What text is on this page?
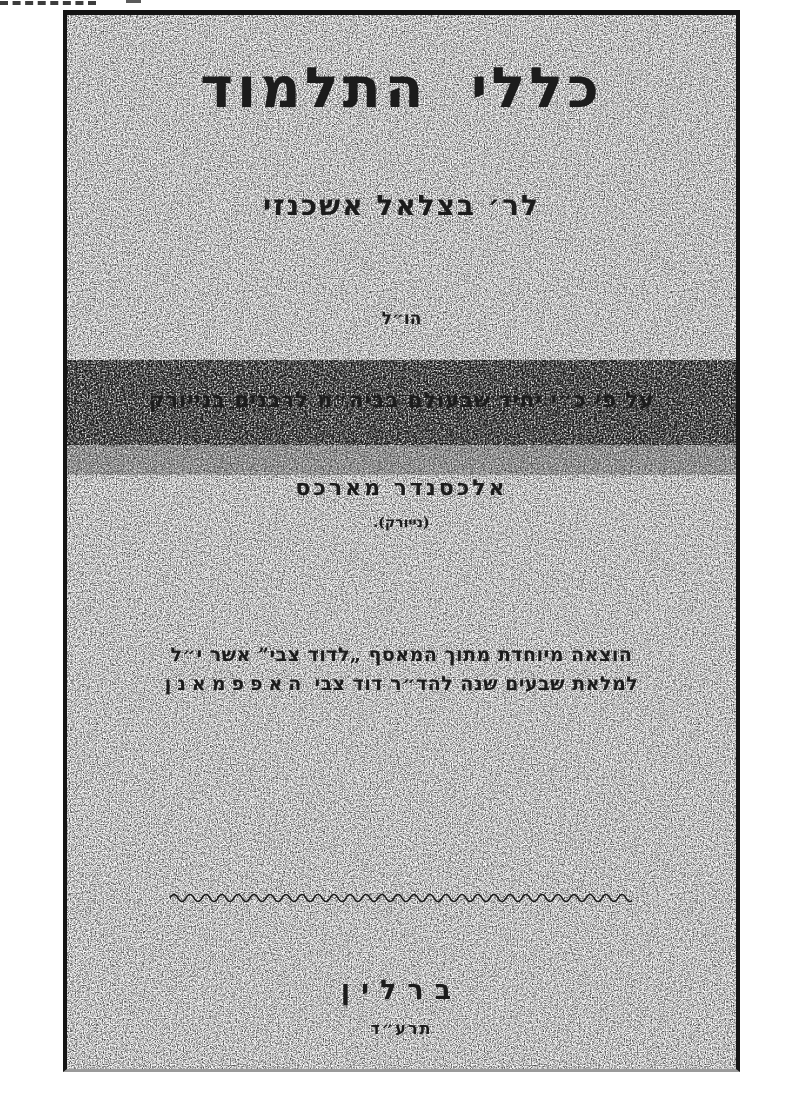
כללי התלמוד
לר׳ בצלאל אשכנזי
הו״ל
על פי כ״י יחיד שבעולם בביה״מ לרבנים בנייורק
אלכסנדר מארכס
(נייורק).
הוצאה מיוחדת מתוך המאסף „לדוד צבי” אשר י״ל
למלאת שבעים שנה להד״ר דוד צבי האפפמאנן
ברלין
תרע״ד
